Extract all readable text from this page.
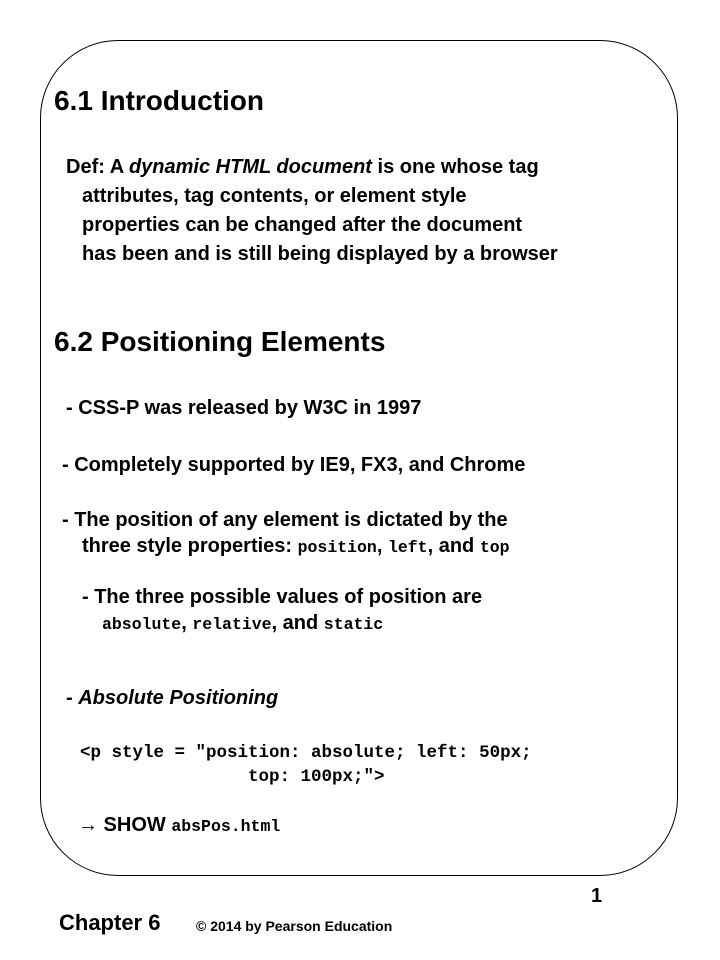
6.1 Introduction
Def: A dynamic HTML document is one whose tag
attributes, tag contents, or element style
properties can be changed after the document
has been and is still being displayed by a browser
6.2 Positioning Elements
- CSS-P was released by W3C in 1997
- Completely supported by IE9, FX3, and Chrome
- The position of any element is dictated by the
three style properties: position, left, and top
- The three possible values of position are
absolute, relative, and static
- Absolute Positioning
<p style = "position: absolute; left: 50px;
top: 100px;">
→ SHOW absPos.html
Chapter 6	© 2014 by Pearson Education
1
